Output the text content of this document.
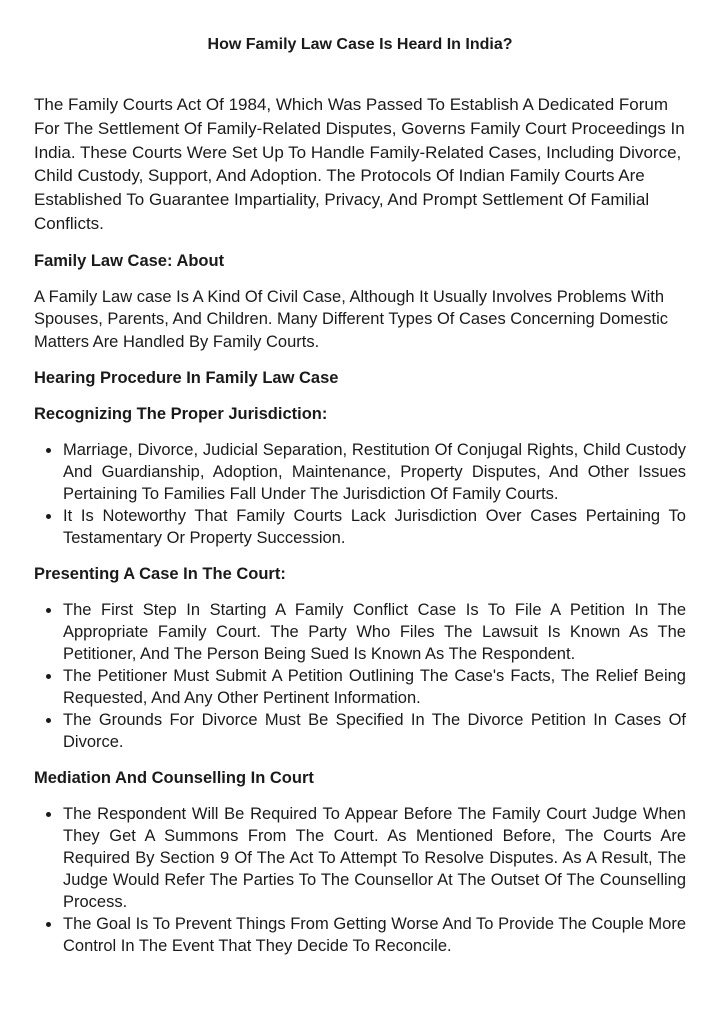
How Family Law Case Is Heard In India?

The Family Courts Act Of 1984, Which Was Passed To Establish A Dedicated Forum For The Settlement Of Family-Related Disputes, Governs Family Court Proceedings In India. These Courts Were Set Up To Handle Family-Related Cases, Including Divorce, Child Custody, Support, And Adoption. The Protocols Of Indian Family Courts Are Established To Guarantee Impartiality, Privacy, And Prompt Settlement Of Familial Conflicts.

Family Law Case: About

A Family Law case Is A Kind Of Civil Case, Although It Usually Involves Problems With Spouses, Parents, And Children. Many Different Types Of Cases Concerning Domestic Matters Are Handled By Family Courts.

Hearing Procedure In Family Law Case
Recognizing The Proper Jurisdiction:
Marriage, Divorce, Judicial Separation, Restitution Of Conjugal Rights, Child Custody And Guardianship, Adoption, Maintenance, Property Disputes, And Other Issues Pertaining To Families Fall Under The Jurisdiction Of Family Courts.
It Is Noteworthy That Family Courts Lack Jurisdiction Over Cases Pertaining To Testamentary Or Property Succession.
Presenting A Case In The Court:
The First Step In Starting A Family Conflict Case Is To File A Petition In The Appropriate Family Court. The Party Who Files The Lawsuit Is Known As The Petitioner, And The Person Being Sued Is Known As The Respondent.
The Petitioner Must Submit A Petition Outlining The Case's Facts, The Relief Being Requested, And Any Other Pertinent Information.
The Grounds For Divorce Must Be Specified In The Divorce Petition In Cases Of Divorce.
Mediation And Counselling In Court
The Respondent Will Be Required To Appear Before The Family Court Judge When They Get A Summons From The Court. As Mentioned Before, The Courts Are Required By Section 9 Of The Act To Attempt To Resolve Disputes. As A Result, The Judge Would Refer The Parties To The Counsellor At The Outset Of The Counselling Process.
The Goal Is To Prevent Things From Getting Worse And To Provide The Couple More Control In The Event That They Decide To Reconcile.
